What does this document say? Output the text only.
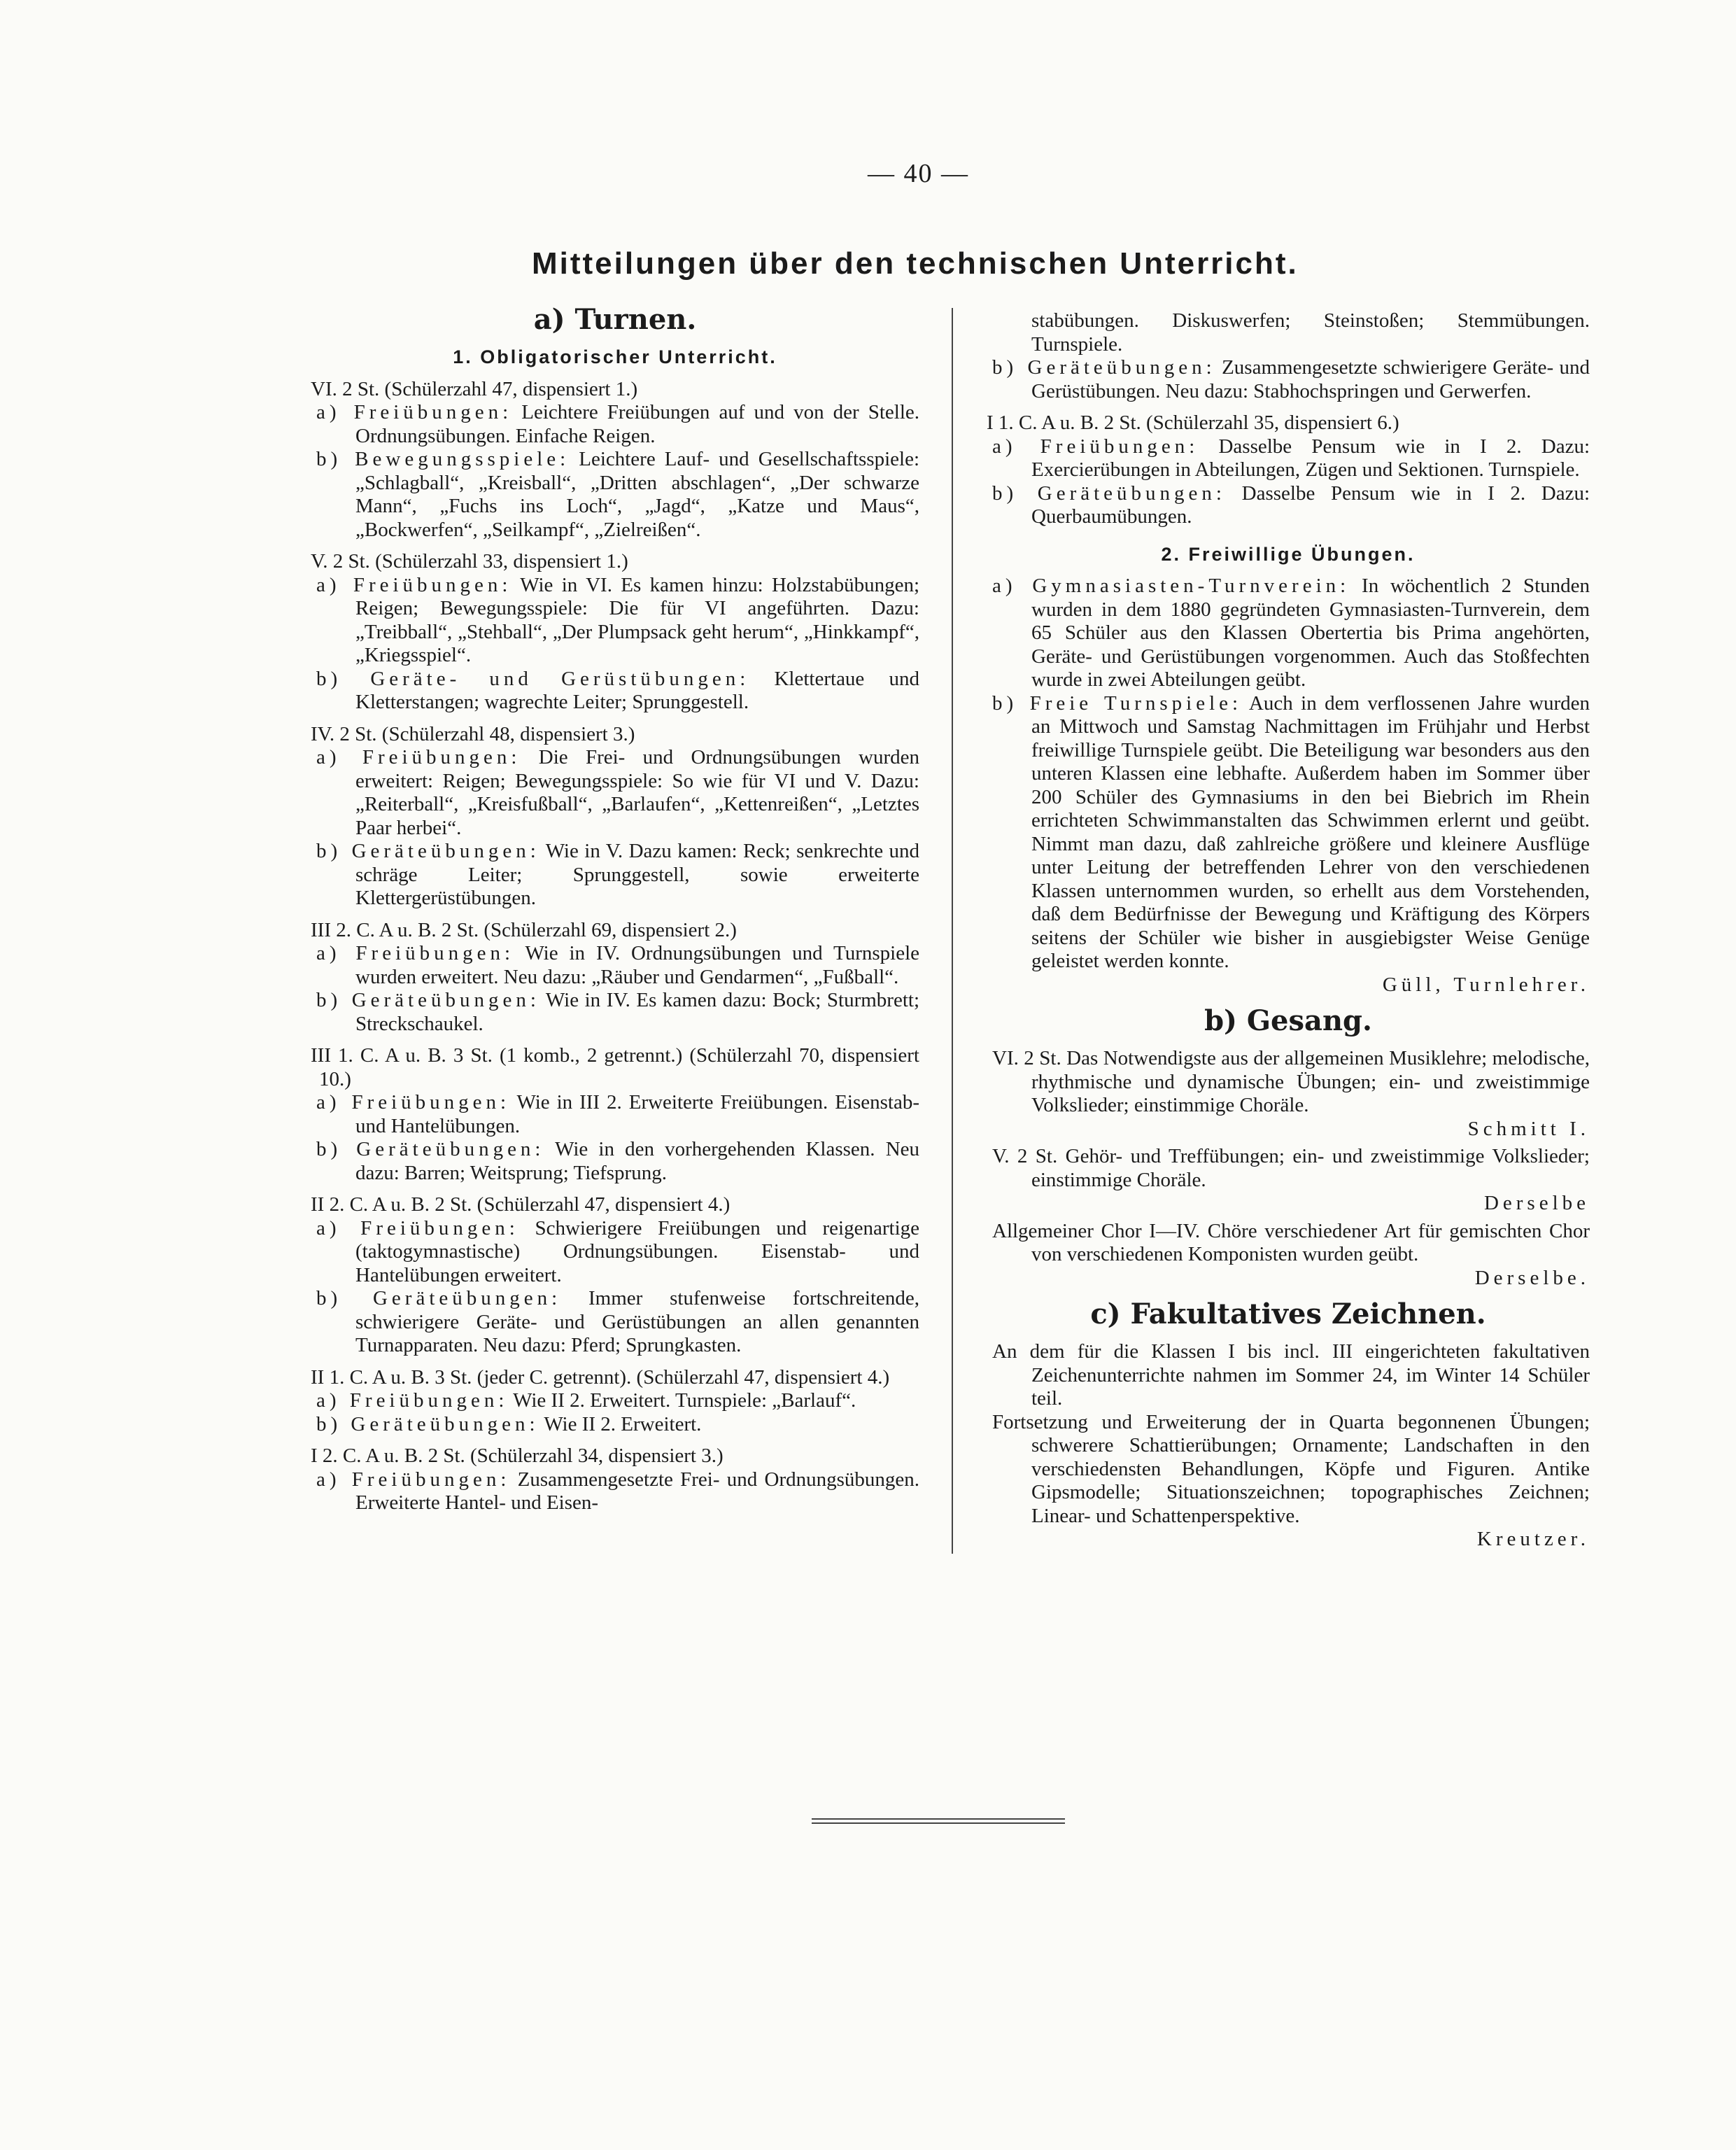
— 40 —
Mitteilungen über den technischen Unterricht.
a) Turnen.
1. Obligatorischer Unterricht.

VI. 2 St. (Schülerzahl 47, dispensiert 1.)

a) Freiübungen: Leichtere Freiübungen auf und von der Stelle. Ordnungsübungen. Einfache Reigen.

b) Bewegungsspiele: Leichtere Lauf- und Gesellschaftsspiele: „Schlagball“, „Kreisball“, „Dritten abschlagen“, „Der schwarze Mann“, „Fuchs ins Loch“, „Jagd“, „Katze und Maus“, „Bockwerfen“, „Seilkampf“, „Zielreißen“.

V. 2 St. (Schülerzahl 33, dispensiert 1.)

a) Freiübungen: Wie in VI. Es kamen hinzu: Holzstabübungen; Reigen; Bewegungsspiele: Die für VI angeführten. Dazu: „Treibball“, „Stehball“, „Der Plumpsack geht herum“, „Hinkkampf“, „Kriegsspiel“.

b) Geräte- und Gerüstübungen: Klettertaue und Kletterstangen; wagrechte Leiter; Sprunggestell.

IV. 2 St. (Schülerzahl 48, dispensiert 3.)

a) Freiübungen: Die Frei- und Ordnungsübungen wurden erweitert: Reigen; Bewegungsspiele: So wie für VI und V. Dazu: „Reiterball“, „Kreisfußball“, „Barlaufen“, „Kettenreißen“, „Letztes Paar herbei“.

b) Geräteübungen: Wie in V. Dazu kamen: Reck; senkrechte und schräge Leiter; Sprunggestell, sowie erweiterte Klettergerüstübungen.

III 2. C. A u. B. 2 St. (Schülerzahl 69, dispensiert 2.)

a) Freiübungen: Wie in IV. Ordnungsübungen und Turnspiele wurden erweitert. Neu dazu: „Räuber und Gendarmen“, „Fußball“.

b) Geräteübungen: Wie in IV. Es kamen dazu: Bock; Sturmbrett; Streckschaukel.

III 1. C. A u. B. 3 St. (1 komb., 2 getrennt.) (Schülerzahl 70, dispensiert 10.)

a) Freiübungen: Wie in III 2. Erweiterte Freiübungen. Eisenstab- und Hantelübungen.

b) Geräteübungen: Wie in den vorhergehenden Klassen. Neu dazu: Barren; Weitsprung; Tiefsprung.

II 2. C. A u. B. 2 St. (Schülerzahl 47, dispensiert 4.)

a) Freiübungen: Schwierigere Freiübungen und reigenartige (taktogymnastische) Ordnungsübungen. Eisenstab- und Hantelübungen erweitert.

b) Geräteübungen: Immer stufenweise fortschreitende, schwierigere Geräte- und Gerüstübungen an allen genannten Turnapparaten. Neu dazu: Pferd; Sprungkasten.

II 1. C. A u. B. 3 St. (jeder C. getrennt). (Schülerzahl 47, dispensiert 4.)

a) Freiübungen: Wie II 2. Erweitert. Turnspiele: „Barlauf“.

b) Geräteübungen: Wie II 2. Erweitert.

I 2. C. A u. B. 2 St. (Schülerzahl 34, dispensiert 3.)

a) Freiübungen: Zusammengesetzte Frei- und Ordnungsübungen. Erweiterte Hantel- und Eisen-

stabübungen. Diskuswerfen; Steinstoßen; Stemmübungen. Turnspiele.

b) Geräteübungen: Zusammengesetzte schwierigere Geräte- und Gerüstübungen. Neu dazu: Stabhochspringen und Gerwerfen.

I 1. C. A u. B. 2 St. (Schülerzahl 35, dispensiert 6.)

a) Freiübungen: Dasselbe Pensum wie in I 2. Dazu: Exercierübungen in Abteilungen, Zügen und Sektionen. Turnspiele.

b) Geräteübungen: Dasselbe Pensum wie in I 2. Dazu: Querbaumübungen.

2. Freiwillige Übungen.

a) Gymnasiasten-Turnverein: In wöchentlich 2 Stunden wurden in dem 1880 gegründeten Gymnasiasten-Turnverein, dem 65 Schüler aus den Klassen Obertertia bis Prima angehörten, Geräte- und Gerüstübungen vorgenommen. Auch das Stoßfechten wurde in zwei Abteilungen geübt.

b) Freie Turnspiele: Auch in dem verflossenen Jahre wurden an Mittwoch und Samstag Nachmittagen im Frühjahr und Herbst freiwillige Turnspiele geübt. Die Beteiligung war besonders aus den unteren Klassen eine lebhafte. Außerdem haben im Sommer über 200 Schüler des Gymnasiums in den bei Biebrich im Rhein errichteten Schwimmanstalten das Schwimmen erlernt und geübt. Nimmt man dazu, daß zahlreiche größere und kleinere Ausflüge unter Leitung der betreffenden Lehrer von den verschiedenen Klassen unternommen wurden, so erhellt aus dem Vorstehenden, daß dem Bedürfnisse der Bewegung und Kräftigung des Körpers seitens der Schüler wie bisher in ausgiebigster Weise Genüge geleistet werden konnte.

Güll, Turnlehrer.

b) Gesang.

VI. 2 St. Das Notwendigste aus der allgemeinen Musiklehre; melodische, rhythmische und dynamische Übungen; ein- und zweistimmige Volkslieder; einstimmige Choräle.

Schmitt I.

V. 2 St. Gehör- und Treffübungen; ein- und zweistimmige Volkslieder; einstimmige Choräle.

Derselbe

Allgemeiner Chor I—IV. Chöre verschiedener Art für gemischten Chor von verschiedenen Komponisten wurden geübt.

Derselbe.

c) Fakultatives Zeichnen.

An dem für die Klassen I bis incl. III eingerichteten fakultativen Zeichenunterrichte nahmen im Sommer 24, im Winter 14 Schüler teil.

Fortsetzung und Erweiterung der in Quarta begonnenen Übungen; schwerere Schattierübungen; Ornamente; Landschaften in den verschiedensten Behandlungen, Köpfe und Figuren. Antike Gipsmodelle; Situationszeichnen; topographisches Zeichnen; Linear- und Schattenperspektive.

Kreutzer.
